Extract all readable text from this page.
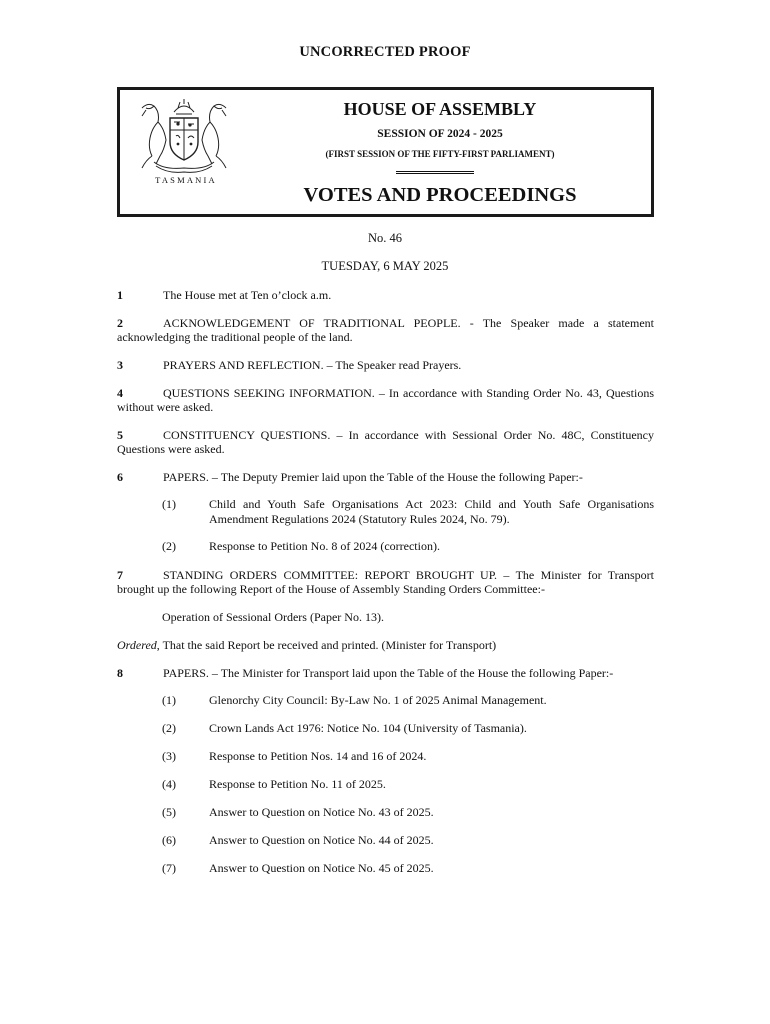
UNCORRECTED PROOF
TASMANIA
HOUSE OF ASSEMBLY
SESSION OF 2024 - 2025
(FIRST SESSION OF THE FIFTY-FIRST PARLIAMENT)
VOTES AND PROCEEDINGS
No. 46
TUESDAY, 6 MAY 2025
1	The House met at Ten o’clock a.m.
2	ACKNOWLEDGEMENT OF TRADITIONAL PEOPLE. - The Speaker made a statement acknowledging the traditional people of the land.
3	PRAYERS AND REFLECTION. – The Speaker read Prayers.
4	QUESTIONS SEEKING INFORMATION. – In accordance with Standing Order No. 43, Questions without were asked.
5	CONSTITUENCY QUESTIONS. – In accordance with Sessional Order No. 48C, Constituency Questions were asked.
6	PAPERS. – The Deputy Premier laid upon the Table of the House the following Paper:-
(1)	Child and Youth Safe Organisations Act 2023: Child and Youth Safe Organisations Amendment Regulations 2024 (Statutory Rules 2024, No. 79).
(2)	Response to Petition No. 8 of 2024 (correction).
7	STANDING ORDERS COMMITTEE: REPORT BROUGHT UP. – The Minister for Transport brought up the following Report of the House of Assembly Standing Orders Committee:-
Operation of Sessional Orders (Paper No. 13).
Ordered, That the said Report be received and printed. (Minister for Transport)
8	PAPERS. – The Minister for Transport laid upon the Table of the House the following Paper:-
(1)	Glenorchy City Council: By-Law No. 1 of 2025 Animal Management.
(2)	Crown Lands Act 1976: Notice No. 104 (University of Tasmania).
(3)	Response to Petition Nos. 14 and 16 of 2024.
(4)	Response to Petition No. 11 of 2025.
(5)	Answer to Question on Notice No. 43 of 2025.
(6)	Answer to Question on Notice No. 44 of 2025.
(7)	Answer to Question on Notice No. 45 of 2025.
